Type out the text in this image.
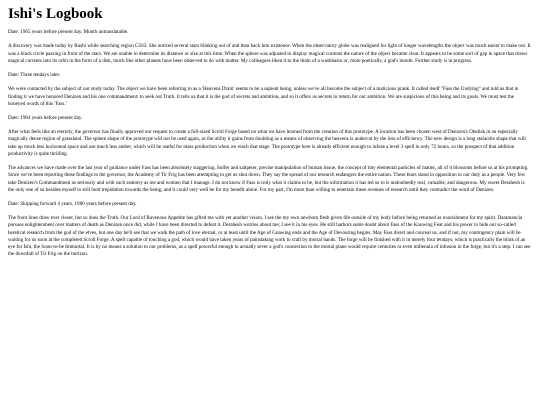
Ishi's Logbook

Date: 1965 years before present day. Month untranslatable.

A discovery was made today by Rushi while searching region G563. She noticed several stars blinking out of and then back into existence. When the observatory globe was realigned for light of longer wavelengths the object was much easier to make out. It was a black circle passing in front of the stars. We are unable to determine its distance or size at this time. When the sphere was adjusted to display magical currents the nature of the object became clear. It appears to be some sort of gap in space that draws magical currents into its orbit in the form of a disk, much like other planets have been observed to do with matter. My colleagues liken it to the drain of a washbasin or, more poetically, a god's mouth. Further study is in progress.

Date: Three tendays later.

We were contacted by the subject of our study today. The object we have been referring to as a 'Heavens Drain' seems to be a sapient being, unless we've all become the subject of a malicious prank. It called itself "Fass the Undying" and told us that in finding it we have honored Denizen and his one commandment: to seek out Truth. It tells us that it is the god of secrets and ambition, and so it offers us secrets in return for our ambition. We are suspicious of this being and its goals. We must test the honeyed words of this 'Fass.'

Date: 1964 years before present day.

After what feels like an eternity, the governor has finally approved our request to create a full-sized Scroll Forge based on what we have learned from the creation of this prototype. A location has been chosen west of Denizen's Obelisk in an especially magically dense region of grassland. The sphere shape of the prototype will not be used again, as the utility it gains from doubling as a means of observing the heavens is undercut by the loss of efficiency. The new design is a long stalactite shape that will take up much less horizontal space and use much less amber, which will be useful for mass production when we reach that stage. The prototype here is already efficient enough to infuse a level 3 spell in only 72 hours, so the prospect of that addition productivity is quite thrilling.

The advances we have made over the last year of guidance under Fass has been absolutely staggering. Sulfer and saltpeter, precise manipulation of human tissue, the concept of tiny elemental particles of matter, all of it blossoms before us at his prompting. Since we've been reporting these findings to the governor, the Academy of Tir Frig has been attempting to get us shut down. They say the spread of our research endangers the entire nation. These fears stand in opposition to our duty as a people. Very few take Denizen's Commandment as seriously and with such zealotry as me and women that I manage. I do not know if Fass is truly what it claims to be, but the information it has led us to is undoubtedly real, valuable, and dangerous. My sweet Derahesh is the only one of us besides myself to still hold trepidation towards the being, and it could very well be for my benefit alone. For my part, I'm more than willing to entertain these avenues of research until they contradict the word of Denizen.

Date: Skipping forward 4 years. 1980 years before present day.

The front lines draw ever closer, but so does the Truth. Our Lord of Ravenous Appetite has gifted me with yet another vision. I see the my own newborn flesh given life outside of my body before being returned as nourishment for my spirit. Daramancia pursues enlightenment over matters of death as Denizen once did, while I have been directed to defeat it. Derahesh worries about me; I see it in his eyes. He still harbors some doubt about Fass of the Knowing Fear and his power to hide our so-called heretical research from the god of the elves, but one day he'll see that we walk the path of love eternal, or at least until the Age of Gnawing ends and the Age of Devouring begins. May Fass direct and conceal us, and if not, my contingency plain will be waiting for us soon at the completed Scroll Forge. A spell capable of touching a god, which would have taken years of painstaking work to craft by mortal hands. The forge will be finished with it in merely four tendays, which is practically the blink of an eye for Ishi, the Soon-to-be Immortal. It is by no means a solution to our problems, as a spell powerful enough to actually sever a god's connection to the mortal plane would require centuries or even millennia of infusion in the forge, but it's a step. I can see the downfall of Tir Frig on the horizon.
